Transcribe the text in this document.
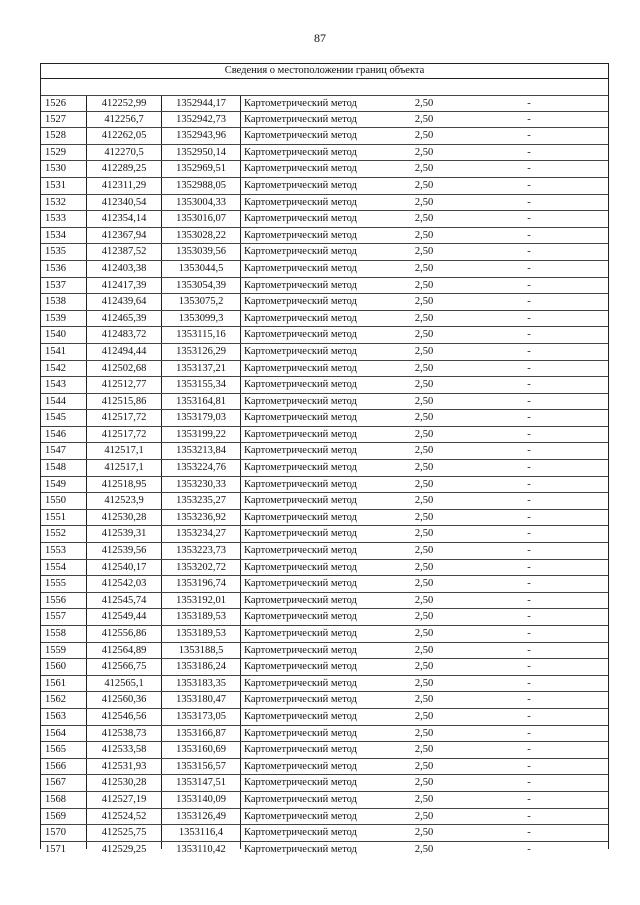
87
Сведения о местоположении границ объекта
1526	412252,99	1352944,17	Картометрический метод	2,50	-
1527	412256,7	1352942,73	Картометрический метод	2,50	-
1528	412262,05	1352943,96	Картометрический метод	2,50	-
1529	412270,5	1352950,14	Картометрический метод	2,50	-
1530	412289,25	1352969,51	Картометрический метод	2,50	-
1531	412311,29	1352988,05	Картометрический метод	2,50	-
1532	412340,54	1353004,33	Картометрический метод	2,50	-
1533	412354,14	1353016,07	Картометрический метод	2,50	-
1534	412367,94	1353028,22	Картометрический метод	2,50	-
1535	412387,52	1353039,56	Картометрический метод	2,50	-
1536	412403,38	1353044,5	Картометрический метод	2,50	-
1537	412417,39	1353054,39	Картометрический метод	2,50	-
1538	412439,64	1353075,2	Картометрический метод	2,50	-
1539	412465,39	1353099,3	Картометрический метод	2,50	-
1540	412483,72	1353115,16	Картометрический метод	2,50	-
1541	412494,44	1353126,29	Картометрический метод	2,50	-
1542	412502,68	1353137,21	Картометрический метод	2,50	-
1543	412512,77	1353155,34	Картометрический метод	2,50	-
1544	412515,86	1353164,81	Картометрический метод	2,50	-
1545	412517,72	1353179,03	Картометрический метод	2,50	-
1546	412517,72	1353199,22	Картометрический метод	2,50	-
1547	412517,1	1353213,84	Картометрический метод	2,50	-
1548	412517,1	1353224,76	Картометрический метод	2,50	-
1549	412518,95	1353230,33	Картометрический метод	2,50	-
1550	412523,9	1353235,27	Картометрический метод	2,50	-
1551	412530,28	1353236,92	Картометрический метод	2,50	-
1552	412539,31	1353234,27	Картометрический метод	2,50	-
1553	412539,56	1353223,73	Картометрический метод	2,50	-
1554	412540,17	1353202,72	Картометрический метод	2,50	-
1555	412542,03	1353196,74	Картометрический метод	2,50	-
1556	412545,74	1353192,01	Картометрический метод	2,50	-
1557	412549,44	1353189,53	Картометрический метод	2,50	-
1558	412556,86	1353189,53	Картометрический метод	2,50	-
1559	412564,89	1353188,5	Картометрический метод	2,50	-
1560	412566,75	1353186,24	Картометрический метод	2,50	-
1561	412565,1	1353183,35	Картометрический метод	2,50	-
1562	412560,36	1353180,47	Картометрический метод	2,50	-
1563	412546,56	1353173,05	Картометрический метод	2,50	-
1564	412538,73	1353166,87	Картометрический метод	2,50	-
1565	412533,58	1353160,69	Картометрический метод	2,50	-
1566	412531,93	1353156,57	Картометрический метод	2,50	-
1567	412530,28	1353147,51	Картометрический метод	2,50	-
1568	412527,19	1353140,09	Картометрический метод	2,50	-
1569	412524,52	1353126,49	Картометрический метод	2,50	-
1570	412525,75	1353116,4	Картометрический метод	2,50	-
1571	412529,25	1353110,42	Картометрический метод	2,50	-
